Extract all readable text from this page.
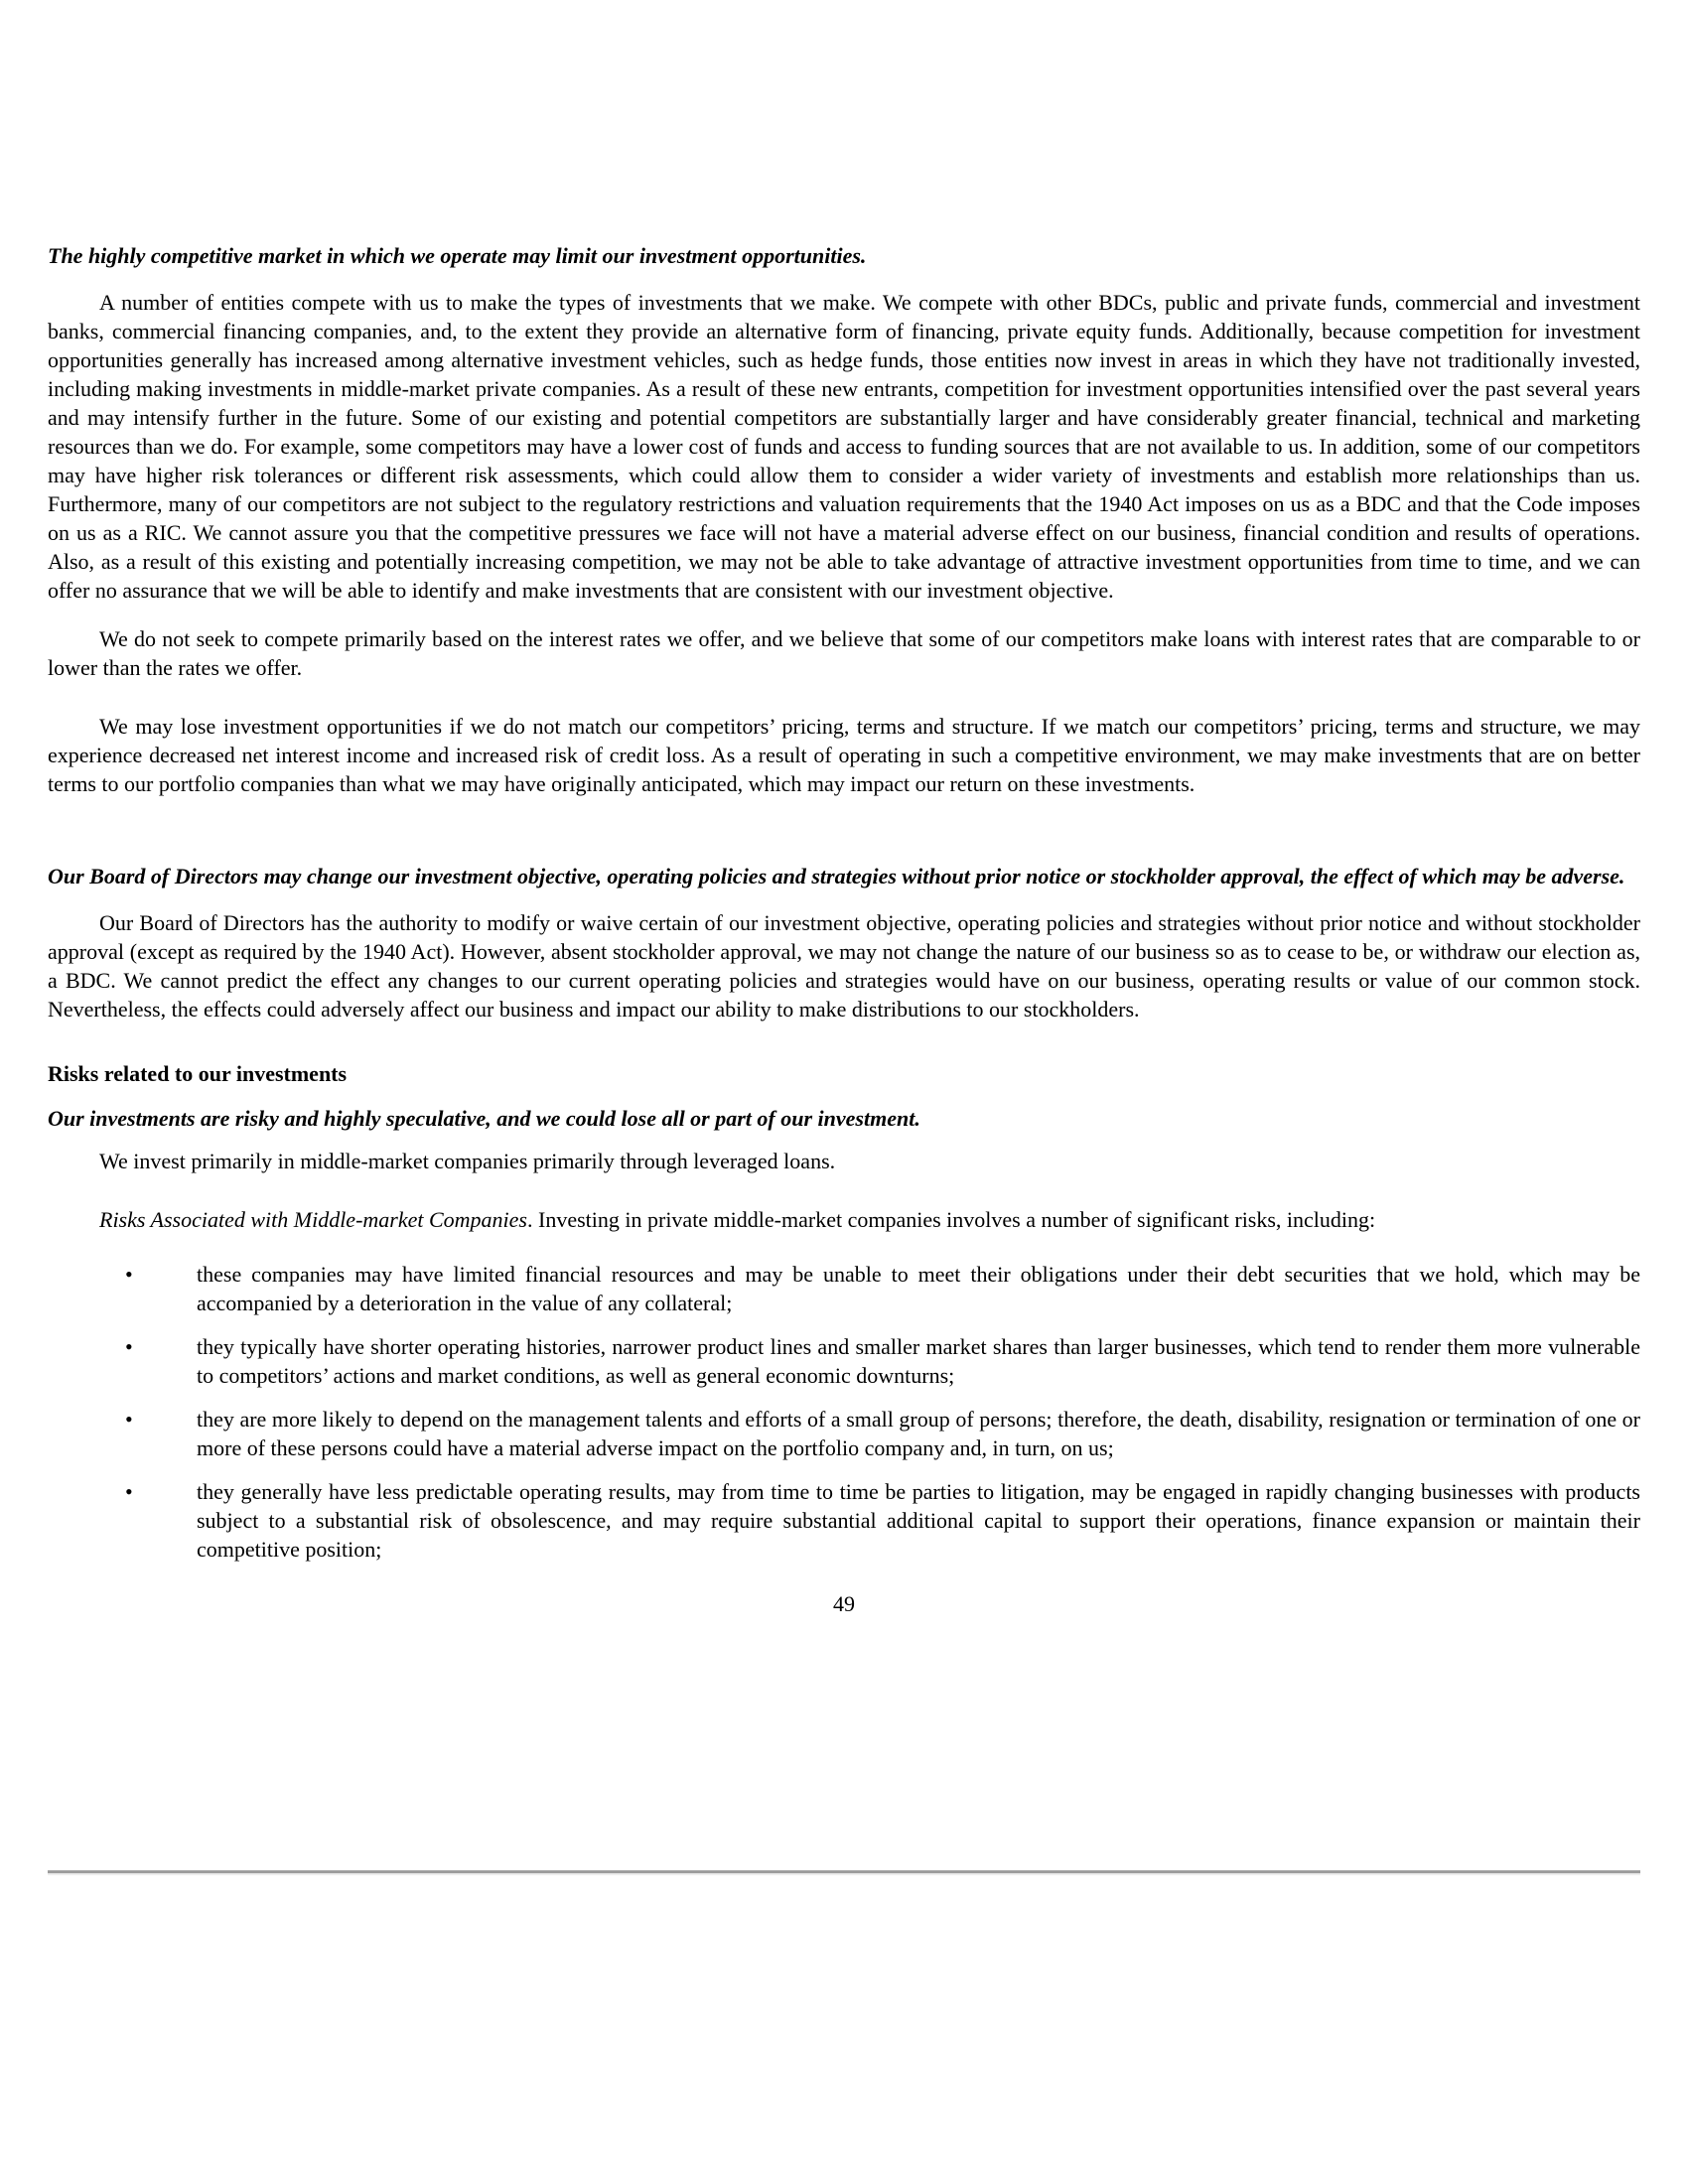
The highly competitive market in which we operate may limit our investment opportunities.

A number of entities compete with us to make the types of investments that we make. We compete with other BDCs, public and private funds, commercial and investment banks, commercial financing companies, and, to the extent they provide an alternative form of financing, private equity funds. Additionally, because competition for investment opportunities generally has increased among alternative investment vehicles, such as hedge funds, those entities now invest in areas in which they have not traditionally invested, including making investments in middle-market private companies. As a result of these new entrants, competition for investment opportunities intensified over the past several years and may intensify further in the future. Some of our existing and potential competitors are substantially larger and have considerably greater financial, technical and marketing resources than we do. For example, some competitors may have a lower cost of funds and access to funding sources that are not available to us. In addition, some of our competitors may have higher risk tolerances or different risk assessments, which could allow them to consider a wider variety of investments and establish more relationships than us. Furthermore, many of our competitors are not subject to the regulatory restrictions and valuation requirements that the 1940 Act imposes on us as a BDC and that the Code imposes on us as a RIC. We cannot assure you that the competitive pressures we face will not have a material adverse effect on our business, financial condition and results of operations. Also, as a result of this existing and potentially increasing competition, we may not be able to take advantage of attractive investment opportunities from time to time, and we can offer no assurance that we will be able to identify and make investments that are consistent with our investment objective.

We do not seek to compete primarily based on the interest rates we offer, and we believe that some of our competitors make loans with interest rates that are comparable to or lower than the rates we offer.

We may lose investment opportunities if we do not match our competitors’ pricing, terms and structure. If we match our competitors’ pricing, terms and structure, we may experience decreased net interest income and increased risk of credit loss. As a result of operating in such a competitive environment, we may make investments that are on better terms to our portfolio companies than what we may have originally anticipated, which may impact our return on these investments.

Our Board of Directors may change our investment objective, operating policies and strategies without prior notice or stockholder approval, the effect of which may be adverse.

Our Board of Directors has the authority to modify or waive certain of our investment objective, operating policies and strategies without prior notice and without stockholder approval (except as required by the 1940 Act). However, absent stockholder approval, we may not change the nature of our business so as to cease to be, or withdraw our election as, a BDC. We cannot predict the effect any changes to our current operating policies and strategies would have on our business, operating results or value of our common stock. Nevertheless, the effects could adversely affect our business and impact our ability to make distributions to our stockholders.

Risks related to our investments
Our investments are risky and highly speculative, and we could lose all or part of our investment.

We invest primarily in middle-market companies primarily through leveraged loans.

Risks Associated with Middle-market Companies. Investing in private middle-market companies involves a number of significant risks, including:

•	these companies may have limited financial resources and may be unable to meet their obligations under their debt securities that we hold, which may be accompanied by a deterioration in the value of any collateral;
•	they typically have shorter operating histories, narrower product lines and smaller market shares than larger businesses, which tend to render them more vulnerable to competitors’ actions and market conditions, as well as general economic downturns;
•	they are more likely to depend on the management talents and efforts of a small group of persons; therefore, the death, disability, resignation or termination of one or more of these persons could have a material adverse impact on the portfolio company and, in turn, on us;
•	they generally have less predictable operating results, may from time to time be parties to litigation, may be engaged in rapidly changing businesses with products subject to a substantial risk of obsolescence, and may require substantial additional capital to support their operations, finance expansion or maintain their competitive position;
49
